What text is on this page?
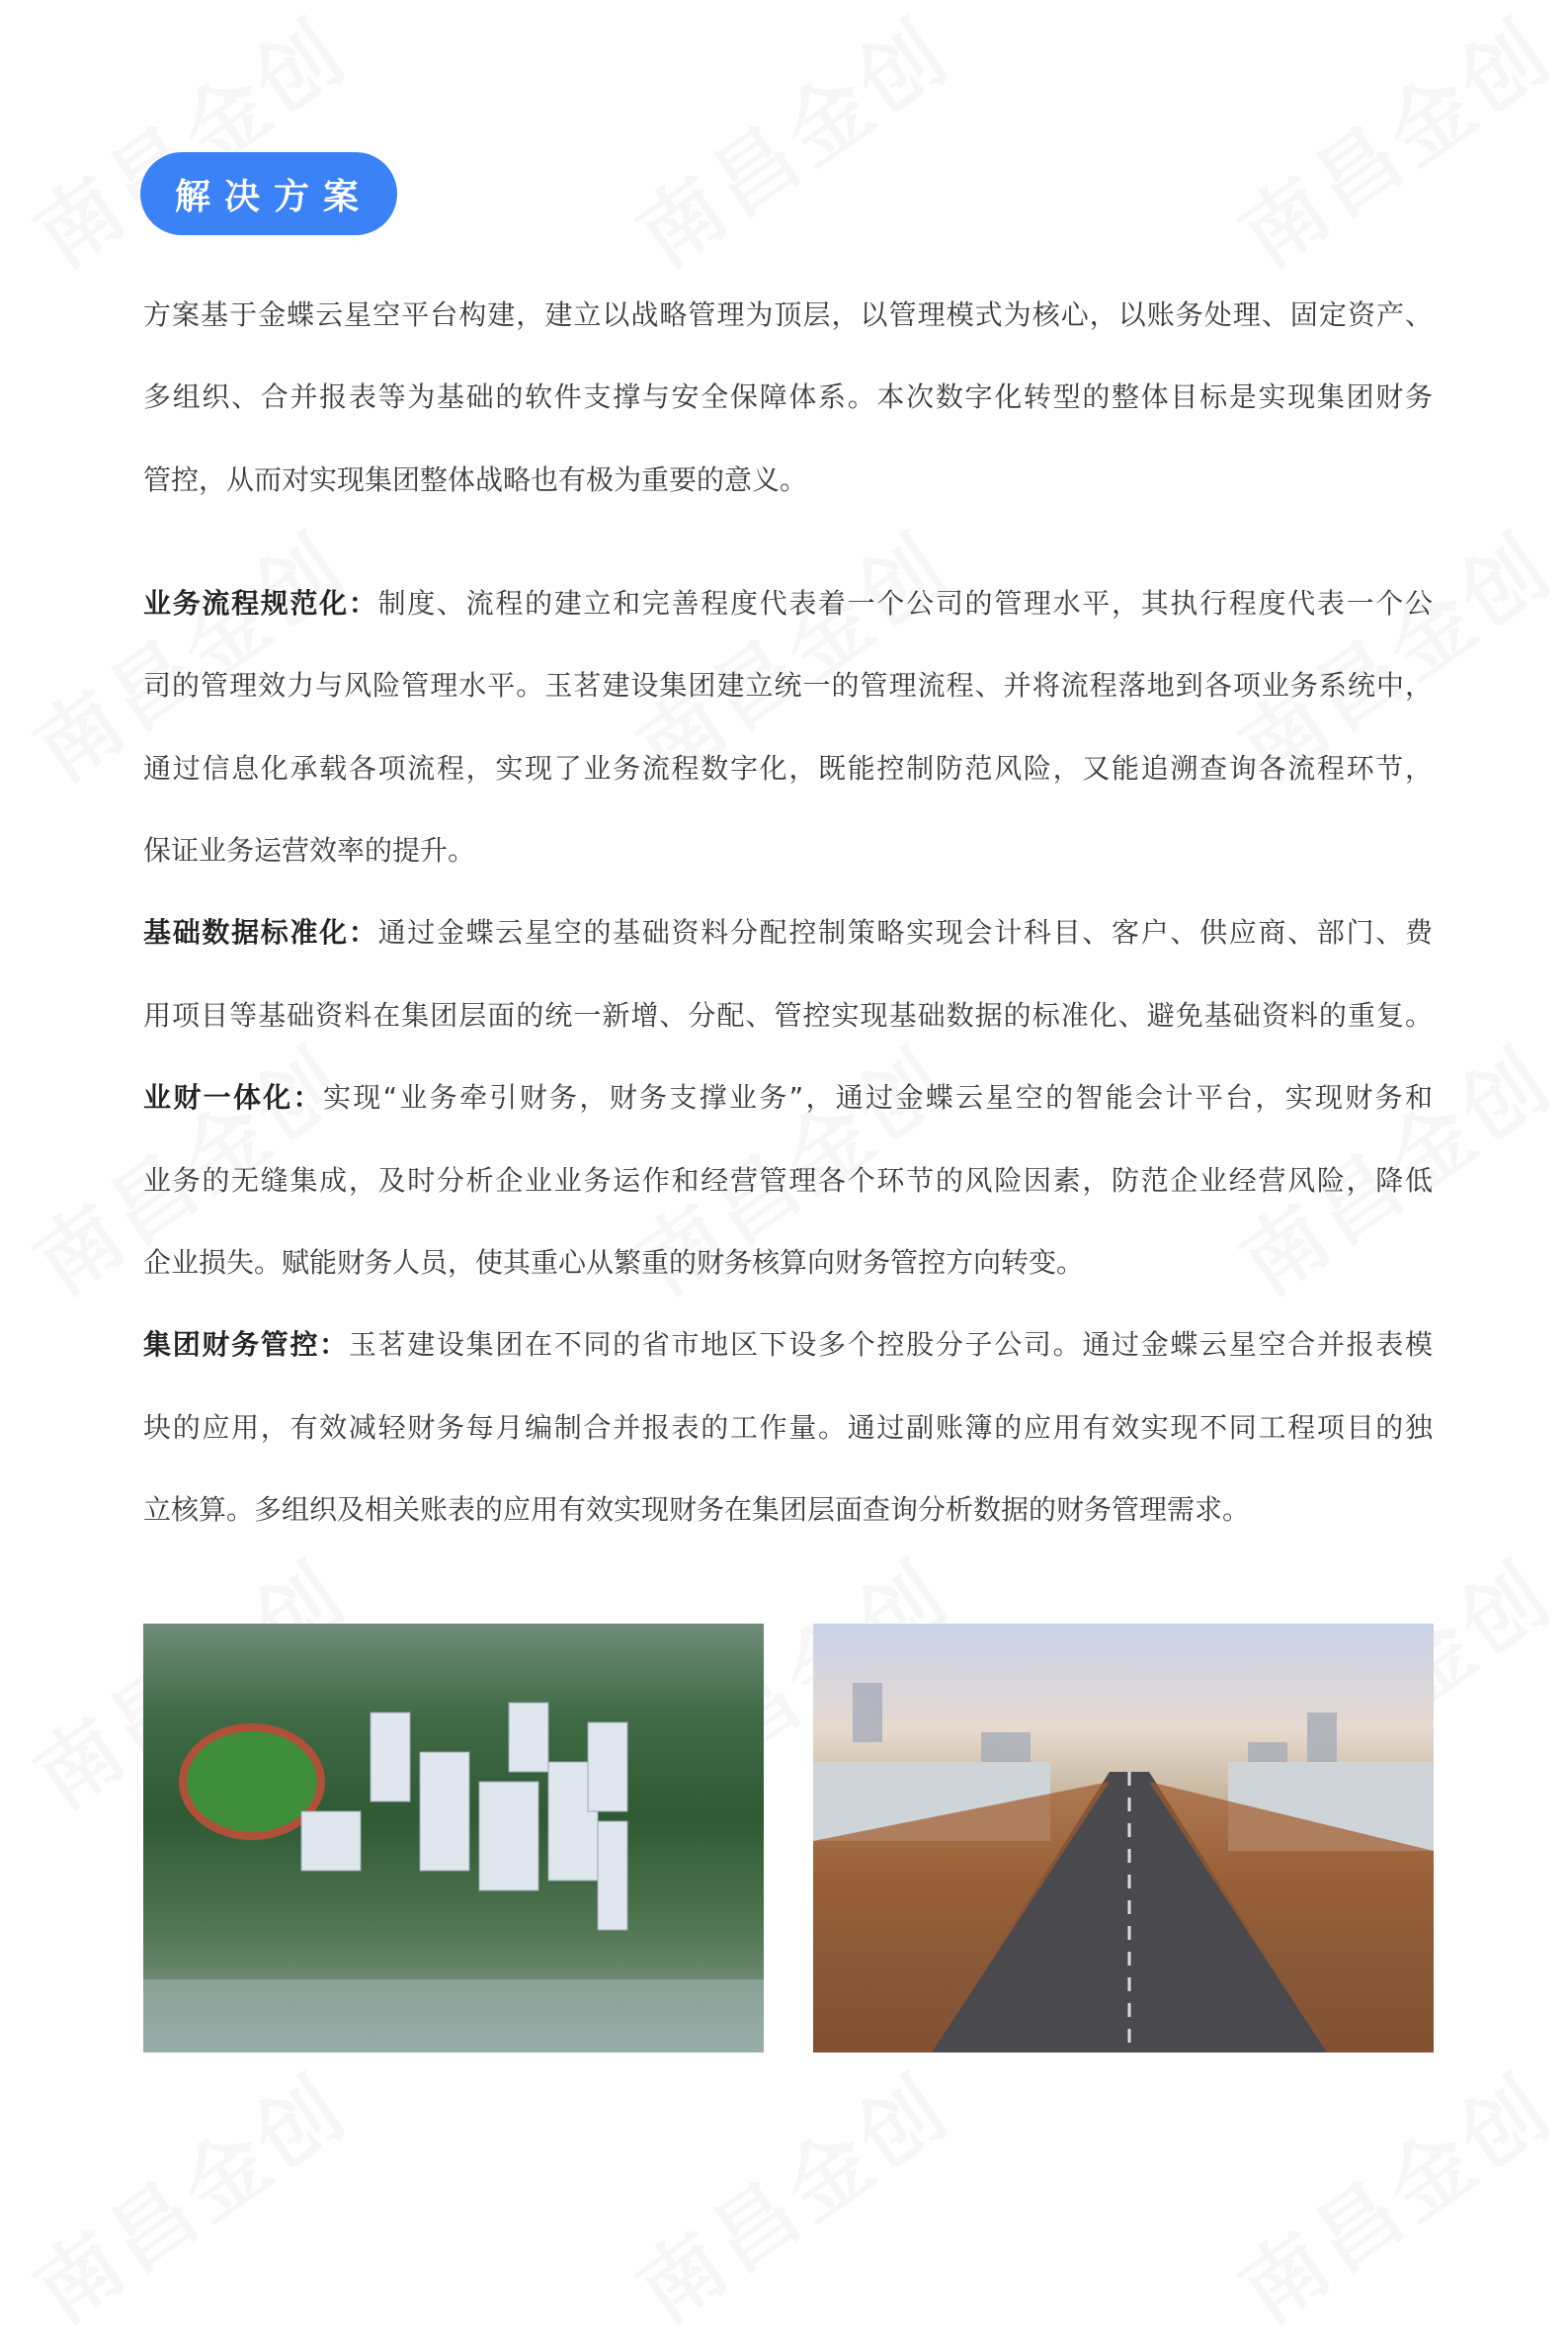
解决方案
方案基于金蝶云星空平台构建，建立以战略管理为顶层，以管理模式为核心，以账务处理、固定资产、
多组织、合并报表等为基础的软件支撑与安全保障体系。本次数字化转型的整体目标是实现集团财务
管控，从而对实现集团整体战略也有极为重要的意义。
业务流程规范化：制度、流程的建立和完善程度代表着一个公司的管理水平，其执行程度代表一个公
司的管理效力与风险管理水平。玉茗建设集团建立统一的管理流程、并将流程落地到各项业务系统中，
通过信息化承载各项流程，实现了业务流程数字化，既能控制防范风险，又能追溯查询各流程环节，
保证业务运营效率的提升。
基础数据标准化：通过金蝶云星空的基础资料分配控制策略实现会计科目、客户、供应商、部门、费
用项目等基础资料在集团层面的统一新增、分配、管控实现基础数据的标准化、避免基础资料的重复。
业财一体化：实现“业务牵引财务，财务支撑业务”，通过金蝶云星空的智能会计平台，实现财务和
业务的无缝集成，及时分析企业业务运作和经营管理各个环节的风险因素，防范企业经营风险，降低
企业损失。赋能财务人员，使其重心从繁重的财务核算向财务管控方向转变。
集团财务管控：玉茗建设集团在不同的省市地区下设多个控股分子公司。通过金蝶云星空合并报表模
块的应用，有效减轻财务每月编制合并报表的工作量。通过副账簿的应用有效实现不同工程项目的独
立核算。多组织及相关账表的应用有效实现财务在集团层面查询分析数据的财务管理需求。
